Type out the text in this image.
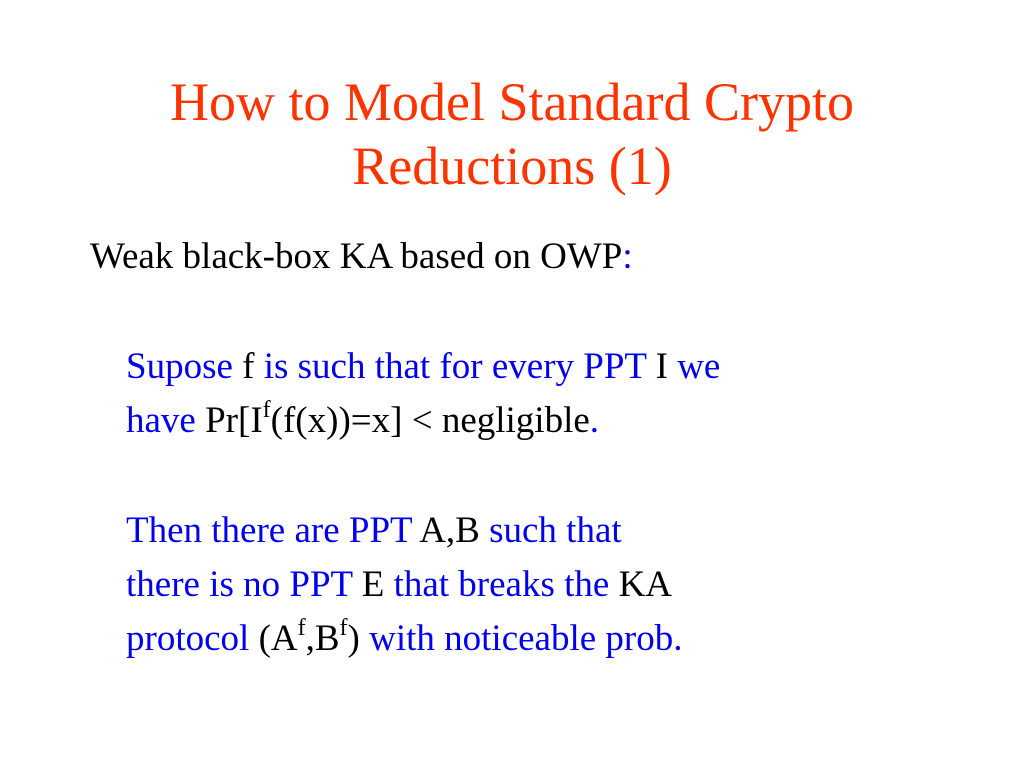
How to Model Standard Crypto
Reductions (1)
Weak black-box KA based on OWP:
Supose f is such that for every PPT I we
have $Pr[I^f(f(x))=x]$ < negligible.
Then there are PPT A,B such that
there is no PPT E that breaks the KA
protocol $(A^f,B^f)$ with noticeable prob.
